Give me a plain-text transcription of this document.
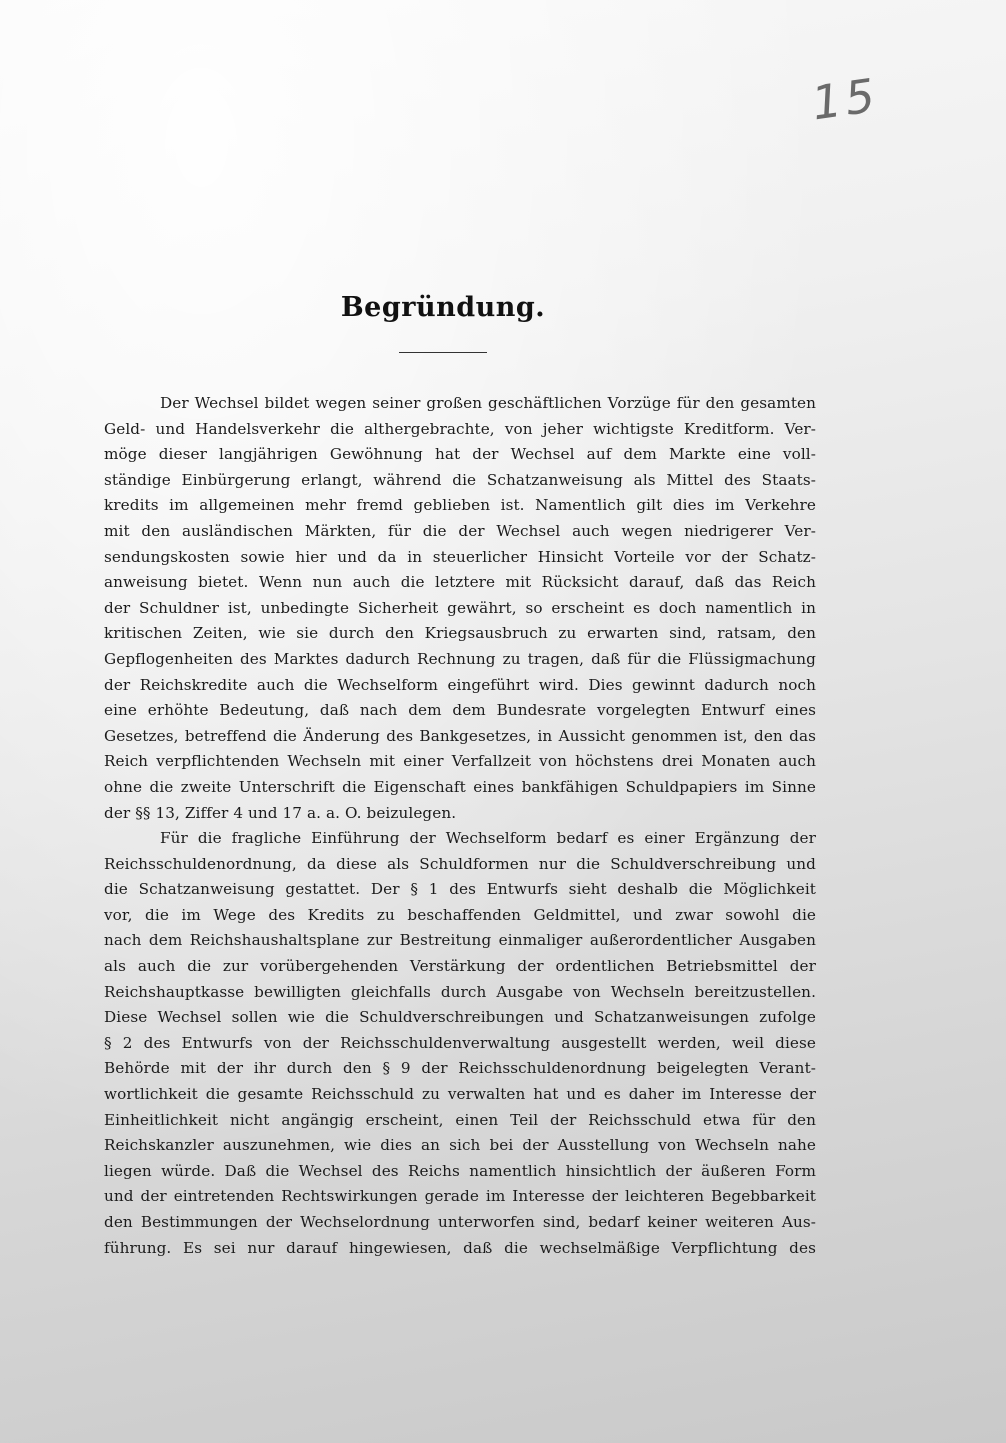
15
Begründung.
Der Wechsel bildet wegen seiner großen geschäftlichen Vorzüge für den gesamten
Geld- und Handelsverkehr die althergebrachte, von jeher wichtigste Kreditform. Ver-
möge dieser langjährigen Gewöhnung hat der Wechsel auf dem Markte eine voll-
ständige Einbürgerung erlangt, während die Schatzanweisung als Mittel des Staats-
kredits im allgemeinen mehr fremd geblieben ist. Namentlich gilt dies im Verkehre
mit den ausländischen Märkten, für die der Wechsel auch wegen niedrigerer Ver-
sendungskosten sowie hier und da in steuerlicher Hinsicht Vorteile vor der Schatz-
anweisung bietet. Wenn nun auch die letztere mit Rücksicht darauf, daß das Reich
der Schuldner ist, unbedingte Sicherheit gewährt, so erscheint es doch namentlich in
kritischen Zeiten, wie sie durch den Kriegsausbruch zu erwarten sind, ratsam, den
Gepflogenheiten des Marktes dadurch Rechnung zu tragen, daß für die Flüssigmachung
der Reichskredite auch die Wechselform eingeführt wird. Dies gewinnt dadurch noch
eine erhöhte Bedeutung, daß nach dem dem Bundesrate vorgelegten Entwurf eines
Gesetzes, betreffend die Änderung des Bankgesetzes, in Aussicht genommen ist, den das
Reich verpflichtenden Wechseln mit einer Verfallzeit von höchstens drei Monaten auch
ohne die zweite Unterschrift die Eigenschaft eines bankfähigen Schuldpapiers im Sinne
der §§ 13, Ziffer 4 und 17 a. a. O. beizulegen.
Für die fragliche Einführung der Wechselform bedarf es einer Ergänzung der
Reichsschuldenordnung, da diese als Schuldformen nur die Schuldverschreibung und
die Schatzanweisung gestattet. Der § 1 des Entwurfs sieht deshalb die Möglichkeit
vor, die im Wege des Kredits zu beschaffenden Geldmittel, und zwar sowohl die
nach dem Reichshaushaltsplane zur Bestreitung einmaliger außerordentlicher Ausgaben
als auch die zur vorübergehenden Verstärkung der ordentlichen Betriebsmittel der
Reichshauptkasse bewilligten gleichfalls durch Ausgabe von Wechseln bereitzustellen.
Diese Wechsel sollen wie die Schuldverschreibungen und Schatzanweisungen zufolge
§ 2 des Entwurfs von der Reichsschuldenverwaltung ausgestellt werden, weil diese
Behörde mit der ihr durch den § 9 der Reichsschuldenordnung beigelegten Verant-
wortlichkeit die gesamte Reichsschuld zu verwalten hat und es daher im Interesse der
Einheitlichkeit nicht angängig erscheint, einen Teil der Reichsschuld etwa für den
Reichskanzler auszunehmen, wie dies an sich bei der Ausstellung von Wechseln nahe
liegen würde. Daß die Wechsel des Reichs namentlich hinsichtlich der äußeren Form
und der eintretenden Rechtswirkungen gerade im Interesse der leichteren Begebbarkeit
den Bestimmungen der Wechselordnung unterworfen sind, bedarf keiner weiteren Aus-
führung. Es sei nur darauf hingewiesen, daß die wechselmäßige Verpflichtung des
